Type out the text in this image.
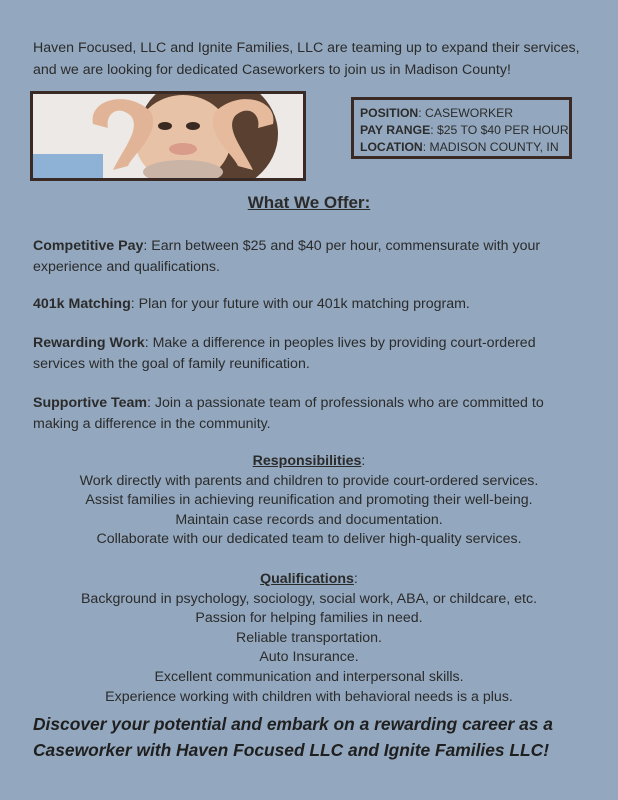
Haven Focused, LLC and Ignite Families, LLC are teaming up to expand their services, and we are looking for dedicated Caseworkers to join us in Madison County!
POSITION: CASEWORKER
PAY RANGE: $25 TO $40 PER HOUR
LOCATION: MADISON COUNTY, IN
What We Offer:
Competitive Pay: Earn between $25 and $40 per hour, commensurate with your experience and qualifications.
401k Matching: Plan for your future with our 401k matching program.
Rewarding Work: Make a difference in peoples lives by providing court-ordered services with the goal of family reunification.
Supportive Team: Join a passionate team of professionals who are committed to making a difference in the community.
Responsibilities:
Work directly with parents and children to provide court-ordered services.
Assist families in achieving reunification and promoting their well-being.
Maintain case records and documentation.
Collaborate with our dedicated team to deliver high-quality services.
Qualifications:
Background in psychology, sociology, social work, ABA, or childcare, etc.
Passion for helping families in need.
Reliable transportation.
Auto Insurance.
Excellent communication and interpersonal skills.
Experience working with children with behavioral needs is a plus.
Discover your potential and embark on a rewarding career as a Caseworker with Haven Focused LLC and Ignite Families LLC!
